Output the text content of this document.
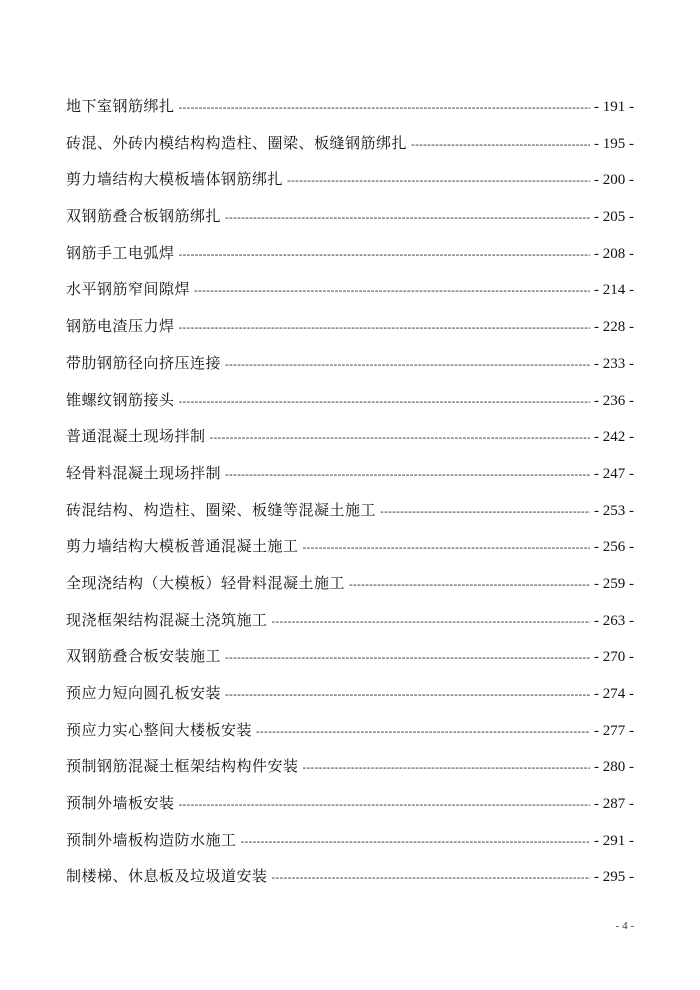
地下室钢筋绑扎 -----	- 191 -
砖混、外砖内模结构构造柱、圈梁、板缝钢筋绑扎 -----	- 195 -
剪力墙结构大模板墙体钢筋绑扎 -----	- 200 -
双钢筋叠合板钢筋绑扎 -----	- 205 -
钢筋手工电弧焊 -----	- 208 -
水平钢筋窄间隙焊 -----	- 214 -
钢筋电渣压力焊 -----	- 228 -
带肋钢筋径向挤压连接 -----	- 233 -
锥螺纹钢筋接头 -----	- 236 -
普通混凝土现场拌制 -----	- 242 -
轻骨料混凝土现场拌制 -----	- 247 -
砖混结构、构造柱、圈梁、板缝等混凝土施工 -----	- 253 -
剪力墙结构大模板普通混凝土施工 -----	- 256 -
全现浇结构（大模板）轻骨料混凝土施工 -----	- 259 -
现浇框架结构混凝土浇筑施工 -----	- 263 -
双钢筋叠合板安装施工 -----	- 270 -
预应力短向圆孔板安装 -----	- 274 -
预应力实心整间大楼板安装 -----	- 277 -
预制钢筋混凝土框架结构构件安装 -----	- 280 -
预制外墙板安装 -----	- 287 -
预制外墙板构造防水施工 -----	- 291 -
制楼梯、休息板及垃圾道安装 -----	- 295 -
- 4 -
